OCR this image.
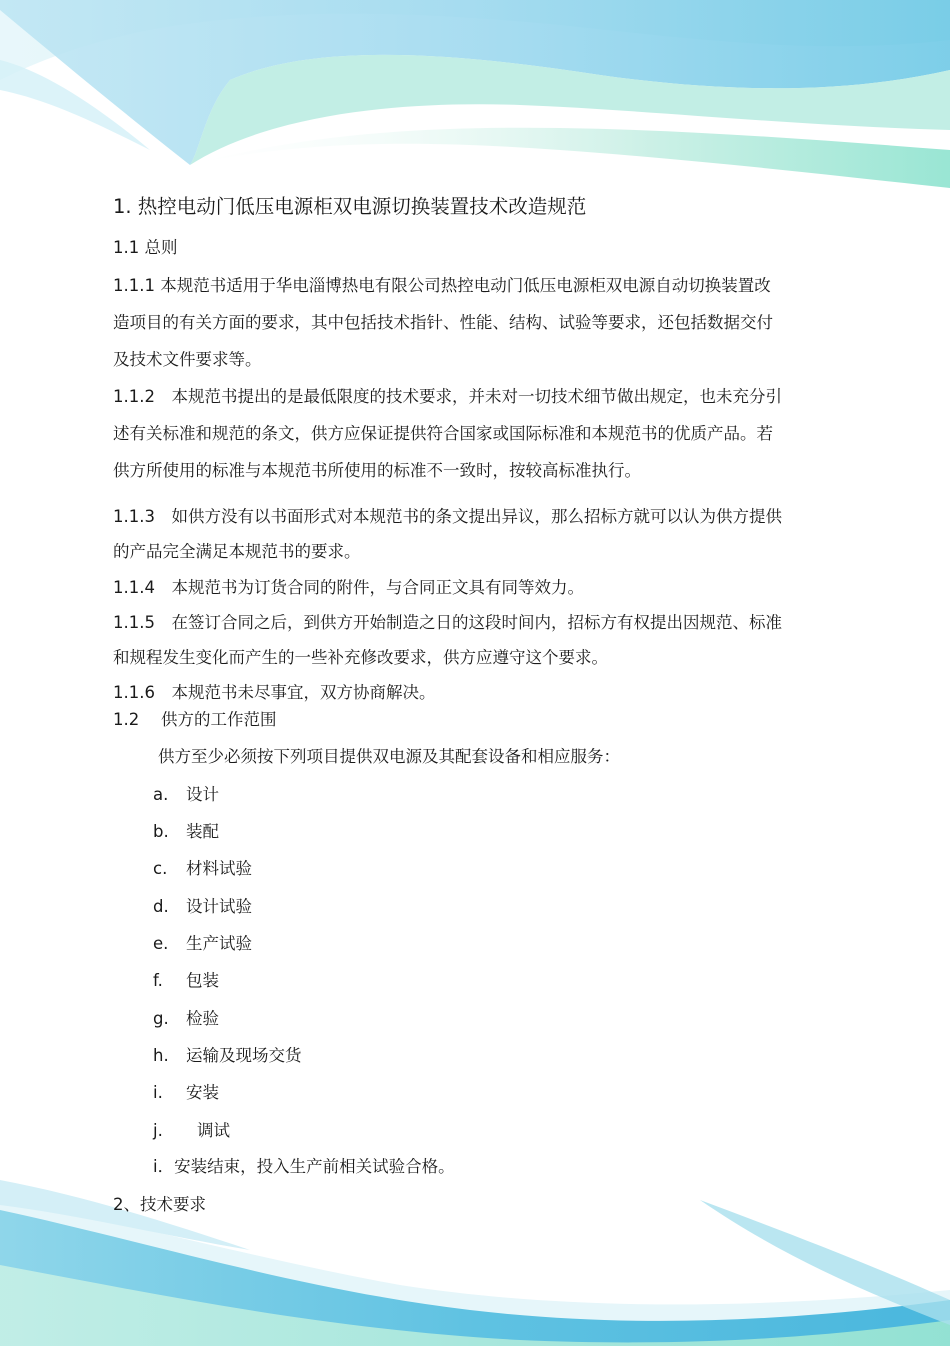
1. 热控电动门低压电源柜双电源切换装置技术改造规范
1.1 总则
1.1.1 本规范书适用于华电淄博热电有限公司热控电动门低压电源柜双电源自动切换装置改
造项目的有关方面的要求，其中包括技术指针、性能、结构、试验等要求，还包括数据交付
及技术文件要求等。
1.1.2　本规范书提出的是最低限度的技术要求，并未对一切技术细节做出规定，也未充分引
述有关标准和规范的条文，供方应保证提供符合国家或国际标准和本规范书的优质产品。若
供方所使用的标准与本规范书所使用的标准不一致时，按较高标准执行。
1.1.3　如供方没有以书面形式对本规范书的条文提出异议，那么招标方就可以认为供方提供
的产品完全满足本规范书的要求。
1.1.4　本规范书为订货合同的附件，与合同正文具有同等效力。
1.1.5　在签订合同之后，到供方开始制造之日的这段时间内，招标方有权提出因规范、标准
和规程发生变化而产生的一些补充修改要求，供方应遵守这个要求。
1.1.6　本规范书未尽事宜，双方协商解决。
1.2　 供方的工作范围
供方至少必须按下列项目提供双电源及其配套设备和相应服务：
a. 设计
b. 装配
c. 材料试验
d. 设计试验
e. 生产试验
f. 包装
g. 检验
h. 运输及现场交货
i. 安装
j. 调试
i．安装结束，投入生产前相关试验合格。
2、技术要求
